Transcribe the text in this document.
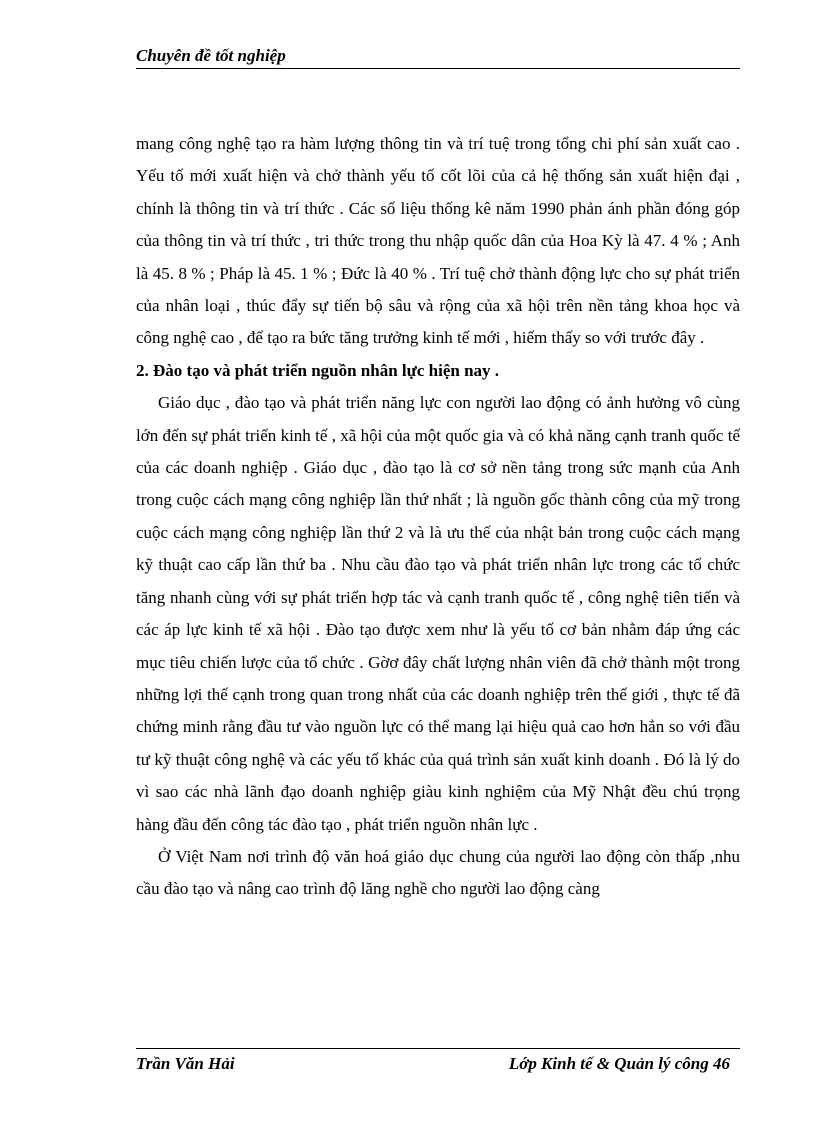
Chuyên đề tốt nghiệp

mang công nghệ tạo ra hàm lượng thông tin và trí tuệ trong tổng chi phí sản xuất cao . Yếu tố mới xuất hiện và chở thành yếu tố cốt lõi của cả hệ thống sản xuất hiện đại , chính là thông tin và trí thức . Các số liệu thống kê năm 1990 phản ánh phần đóng góp của thông tin và trí thức , tri thức trong thu nhập quốc dân của Hoa Kỳ là 47. 4 % ; Anh là 45. 8 % ; Pháp là 45. 1 % ; Đức là 40 % . Trí tuệ chở thành động lực cho sự phát triển của nhân loại , thúc đẩy sự tiến bộ sâu và rộng của xã hội trên nền tảng khoa học và công nghệ cao , để tạo ra bức tăng trưởng kinh tế mới , hiếm thấy so với trước đây .

2. Đào tạo và phát triển nguồn nhân lực hiện nay .

Giáo dục , đào tạo và phát triển năng lực con người lao động có ảnh hưởng vô cùng lớn đến sự phát triển kinh tế , xã hội của một quốc gia và có khả năng cạnh tranh quốc tế của các doanh nghiệp . Giáo dục , đào tạo là cơ sở nền tảng trong sức mạnh của Anh trong cuộc cách mạng công nghiệp lần thứ nhất ; là nguồn gốc thành công của mỹ trong cuộc cách mạng công nghiệp lần thứ 2 và là ưu thế của nhật bản trong cuộc cách mạng kỹ thuật cao cấp lần thứ ba . Nhu cầu đào tạo và phát triển nhân lực trong các tổ chức tăng nhanh cùng với sự phát triển hợp tác và cạnh tranh quốc tế , công nghệ tiên tiến và các áp lực kinh tế xã hội . Đào tạo được xem như là yếu tố cơ bản nhằm đáp ứng các mục tiêu chiến lược của tổ chức . Gờơ đây chất lượng nhân viên đã chở thành một trong những lợi thế cạnh trong quan trong nhất của các doanh nghiệp trên thế giới , thực tế đã chứng minh rằng đầu tư vào nguồn lực có thể mang lại hiệu quả cao hơn hẳn so với đầu tư kỹ thuật công nghệ và các yếu tố khác của quá trình sản xuất kinh doanh . Đó là lý do vì sao các nhà lãnh đạo doanh nghiệp giàu kinh nghiệm của Mỹ Nhật đều chú trọng hàng đầu đến công tác đào tạo , phát triển nguồn nhân lực .

Ở Việt Nam nơi trình độ văn hoá giáo dục chung của người lao động còn thấp ,nhu cầu đào tạo và nâng cao trình độ lăng nghề cho người lao động càng

Trần Văn Hải	Lớp Kinh tế & Quản lý công 46
